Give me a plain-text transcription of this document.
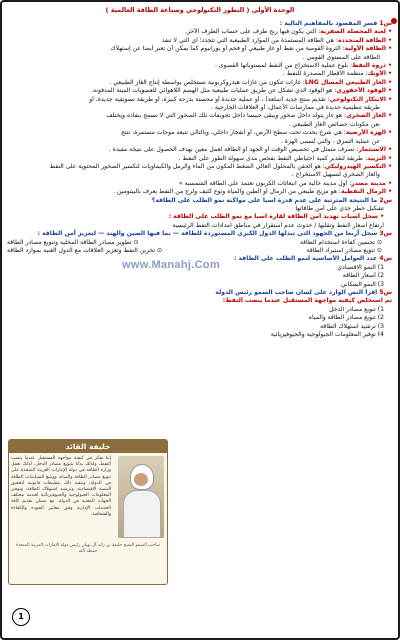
الوحدة الأولى ( التطور التكنولوجي وصناعة الطاقة العالمية )
س1 فسر المقصود بالمفاهيم التالية :
• لعبة المحصلة الصفرية: التي يكون فيها ربح طرف على حساب الطرف الآخر.
• الطاقة المتجددة: هي الطاقة المستمدة من الموارد الطبيعية التي تتجدد؛ أي التي لا تنفد
• الطاقة الأولية: الثروة القومية من نفط أو غاز طبيعي أو فحم أو يورانيوم كما يمكن أن تعبر أيضاً عن إستهلاك
الطاقة على المستوى القومي .
• ذروة النفط: بلوغ عملية الاستخراج من النفط لمستوياتها القصوى .
• الأوبك: منظمة الأقطار المصدرة للنفط .
• الغاز الطبيعي المسال LNG: غازات تتكون من غازات هيدروكربونية تستخلص بواسطة إنتاج الغاز الطبيعي .
• الوقود الأحفوري: هو الوقود الذي تشكل عن طريق عمليات طبيعية مثل الهضم اللاهوائي للعضويات الميتة المدفونة.
• الابتكار التكنولوجي: تقديم منتج جديد (سلعة) ، أو عملية جديدة أو محسنة بدرجة كبيرة، أو طريقة تسويقية جديدة، أو
طريقة تنظيمية جديدة في ممارسات الأعمال، أو العلاقات الخارجية .
• الغاز الصخري: هو غاز يتولد داخل صخور ويبقى حبيساً داخل تجويفات تلك الصخور التي لا تسمح بنفاذه ويختلف
نعن مكونات خصائص الغاز الطبيعي .
• الهزة الأرضية: هي شرخ يحدث تحت سطح الأرض، أو انفجار داخلي، وبالتالي تتبعه موجات مستمرة، تنتج
عن عملية التمزق ، والتي تُسمى الهزة .
• الاستثمار: تصرف متمثل في تخصيص الوقت أو الجهد أو الطاقة لعمل معين بهدف الحصول على نتيجة مفيدة .
• التزييد: طريقة لتقدير كمية احتياطي النفط بفحص مدى سهولة الطور على النفط .
• التكسير الهيدروليكي: هو الحقن بالمحلول العالي الضغط المكون من الماء والرمل والكيماويات لتكسير الصخور المحتوية على النفط
والغاز الصخري لتسهيل الاستخراج .
• مدينة مصدر: أول مدينة خالية من انبعاثات الكربون تعتمد على الطاقة الشمسية »
• الرمال النفطية: هو مزيج طبيعي من الرمال أو الطين والمياه ونوع كثيف ولزج من النفط يعرف بالبيتومين .
س2 ما النتيجة المترتبة على عدم قدرة آسيا على مواكبة نمو الطلب على الطاقة؟
تشكيل خطر جدي على أمن طاقاتها
• سجل أسباب تهديد أمن الطاقة لقارة آسيا مع نمو الطلب على الطاقة :
ارتفاع أسعار النفط وتقلبها / حدوث عدم استقرار في مناطق امدادات النفط الرئيسية
س3 سجل أربعا من الجهود التي تبذلها الدول الكبرى المستوردة للطاقة — بما فيها الصين والهند — لتعزيز أمن الطاقة :
⊙ تحسين كفاءة استخدام الطاقة
⊙ تطوير مصادر الطاقة المحلية وتنويع مصادر الطاقة
⊙ تنويع مصادر استيراد الطاقة
⊙ تخزين النفط وتعزيز العلاقات مع الدول الغنية بموارد الطاقة
س4 عدد العوامل الأساسية لنمو الطلب على الطاقة :
1) النمو الاقتصادي
2) أسعار الطاقة
3) النمو السكاني
س5 اقرأ النص الوارد على لسان صاحب السمو رئيس الدولة
ثم استخلص كيفية مواجهة المستقبل عندما ينضب النفط:
1) تنويع مصادر الدخل
2) تنويع مصادر الطاقة والمياه
3) ترشيد استهلاك الطاقة
4) توفير المعلومات الجيولوجية والجيوفيزيائية
www.Manahj.Com
خليفة القائد
إننا نفكر في كيفية مواجهة المستقبل عندما ينضب النفط، ولذلك بدأنا بتنويع مصادر الدخل، لذلك نعمل وزارة الطاقة في دولة الإمارات العربية المتحدة على تنويع مصادر الطاقة والمياه، ووضع السياسات الطاقة في الدولة، وتنفيذ ذلك بتطبيقات قانونية لتحقيق التنمية الاقتصادية، وترشيد استهلاك الطاقة، وتوفير المعلومات الجيولوجية والجيوفيزيائية لخدمة مختلف الجهات المعنية في الدولة، مع ضمان تقديم كافة الخدمات الإدارية وفق معايير الجودة والكفاءة والشفافية.
صاحب السمو الشيخ خليفة بن زايد آل نهيان رئيس دولة الإمارات العربية المتحدة حفظه الله
1
